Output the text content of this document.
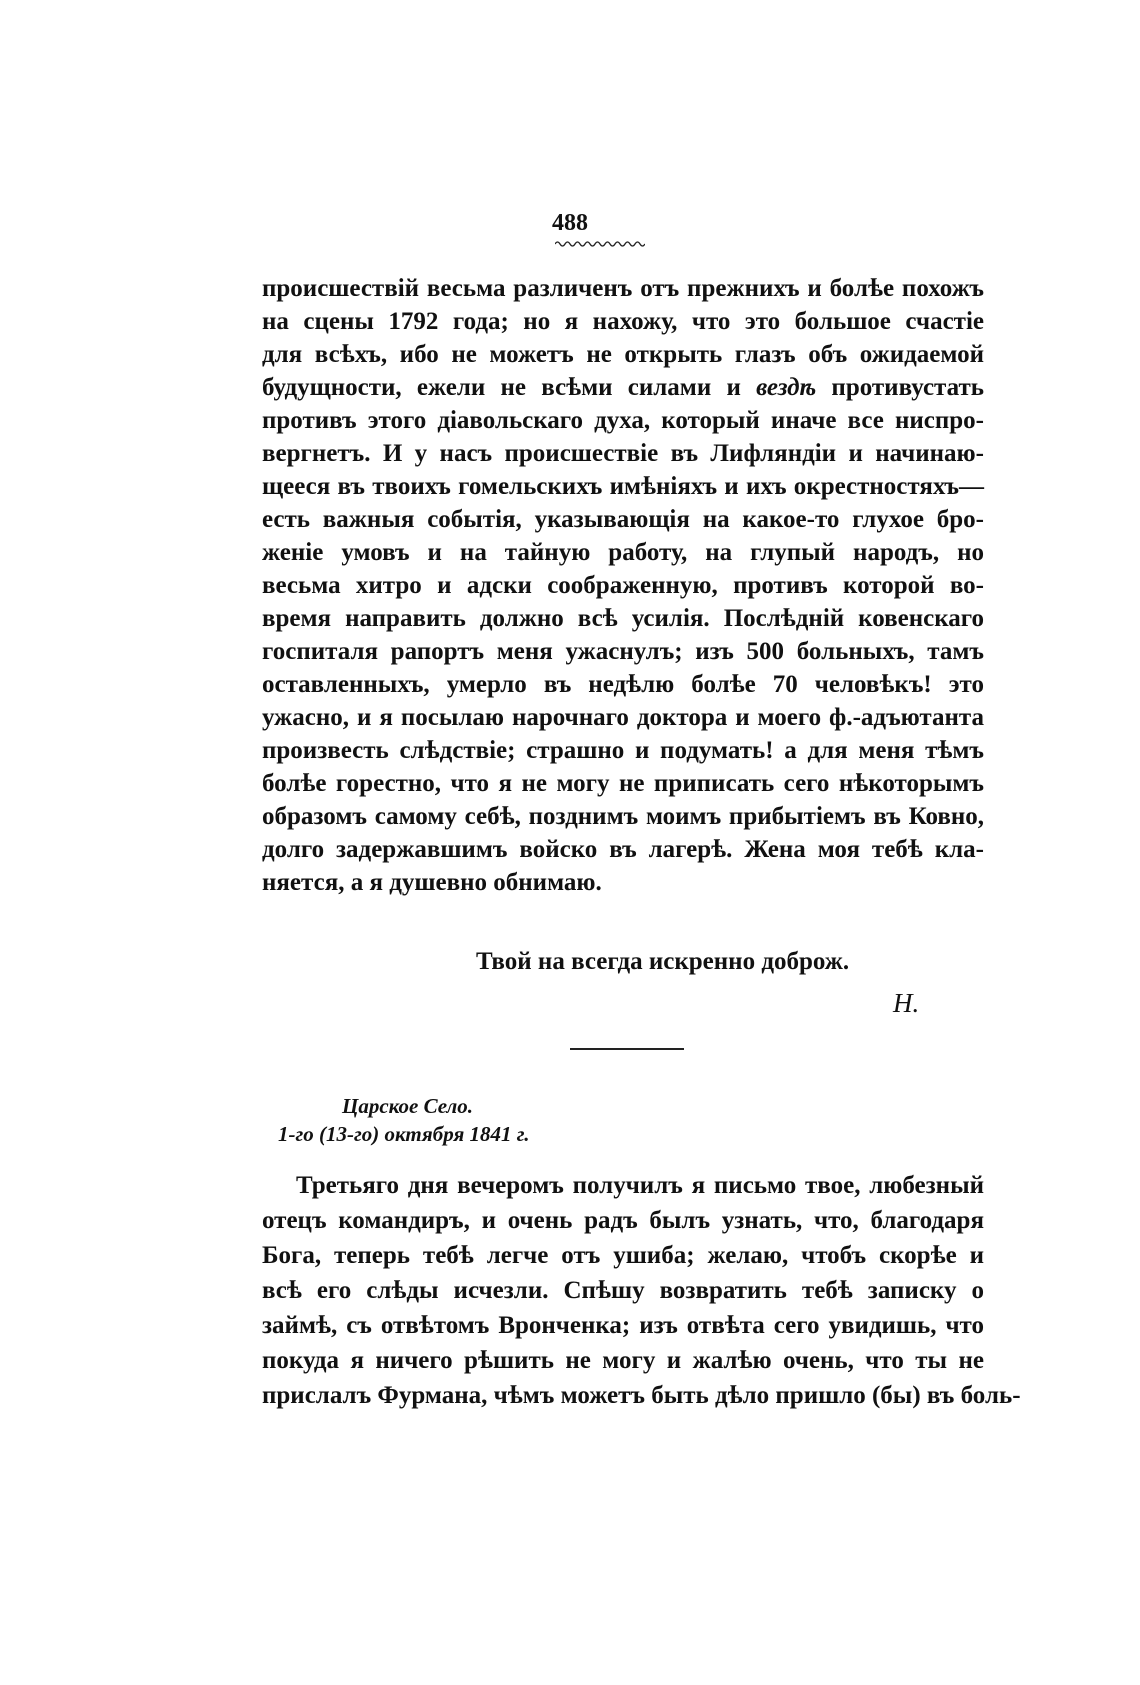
488
происшествій весьма различенъ отъ прежнихъ и болѣе похожъ
на сцены 1792 года; но я нахожу, что это большое счастіе
для всѣхъ, ибо не можетъ не открыть глазъ объ ожидаемой
будущности, ежели не всѣми силами и вездѣ противустать
противъ этого діавольскаго духа, который иначе все ниспро-
вергнетъ. И у насъ происшествіе въ Лифляндіи и начинаю-
щееся въ твоихъ гомельскихъ имѣніяхъ и ихъ окрестностяхъ—
есть важныя событія, указывающія на какое-то глухое бро-
женіе умовъ и на тайную работу, на глупый народъ, но
весьма хитро и адски соображенную, противъ которой во-
время направить должно всѣ усилія. Послѣдній ковенскаго
госпиталя рапортъ меня ужаснулъ; изъ 500 больныхъ, тамъ
оставленныхъ, умерло въ недѣлю болѣе 70 человѣкъ! это
ужасно, и я посылаю нарочнаго доктора и моего ф.-адъютанта
произвесть слѣдствіе; страшно и подумать! а для меня тѣмъ
болѣе горестно, что я не могу не приписать сего нѣкоторымъ
образомъ самому себѣ, позднимъ моимъ прибытіемъ въ Ковно,
долго задержавшимъ войско въ лагерѣ. Жена моя тебѣ кла-
няется, а я душевно обнимаю.
Твой на всегда искренно доброж.
Н.
Царское Село.
1-го (13-го) октября 1841 г.
Третьяго дня вечеромъ получилъ я письмо твое, любезный
отецъ командиръ, и очень радъ былъ узнать, что, благодаря
Бога, теперь тебѣ легче отъ ушиба; желаю, чтобъ скорѣе и
всѣ его слѣды исчезли. Спѣшу возвратить тебѣ записку о
займѣ, съ отвѣтомъ Вронченка; изъ отвѣта сего увидишь, что
покуда я ничего рѣшить не могу и жалѣю очень, что ты не
прислалъ Фурмана, чѣмъ можетъ быть дѣло пришло (бы) въ боль-
